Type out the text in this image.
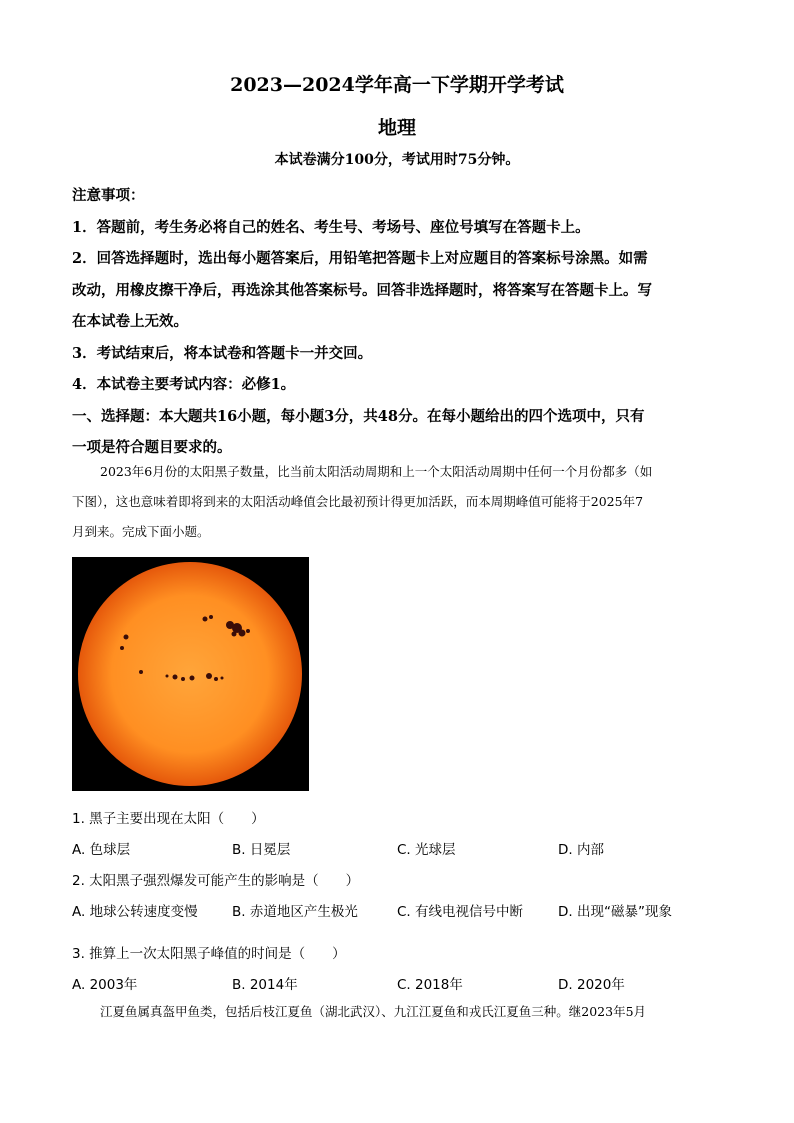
2023—2024学年高一下学期开学考试
地理
本试卷满分100分，考试用时75分钟。
注意事项：
1．答题前，考生务必将自己的姓名、考生号、考场号、座位号填写在答题卡上。
2．回答选择题时，选出每小题答案后，用铅笔把答题卡上对应题目的答案标号涂黑。如需
改动，用橡皮擦干净后，再选涂其他答案标号。回答非选择题时，将答案写在答题卡上。写
在本试卷上无效。
3．考试结束后，将本试卷和答题卡一并交回。
4．本试卷主要考试内容：必修1。
一、选择题：本大题共16小题，每小题3分，共48分。在每小题给出的四个选项中，只有
一项是符合题目要求的。
2023年6月份的太阳黑子数量，比当前太阳活动周期和上一个太阳活动周期中任何一个月份都多（如
下图），这也意味着即将到来的太阳活动峰值会比最初预计得更加活跃，而本周期峰值可能将于2025年7
月到来。完成下面小题。
1. 黑子主要出现在太阳（　　）
A. 色球层	B. 日冕层	C. 光球层	D. 内部
2. 太阳黑子强烈爆发可能产生的影响是（　　）
A. 地球公转速度变慢	B. 赤道地区产生极光	C. 有线电视信号中断	D. 出现“磁暴”现象
3. 推算上一次太阳黑子峰值的时间是（　　）
A. 2003年	B. 2014年	C. 2018年	D. 2020年
江夏鱼属真盔甲鱼类，包括后枝江夏鱼（湖北武汉）、九江江夏鱼和戎氏江夏鱼三种。继2023年5月
